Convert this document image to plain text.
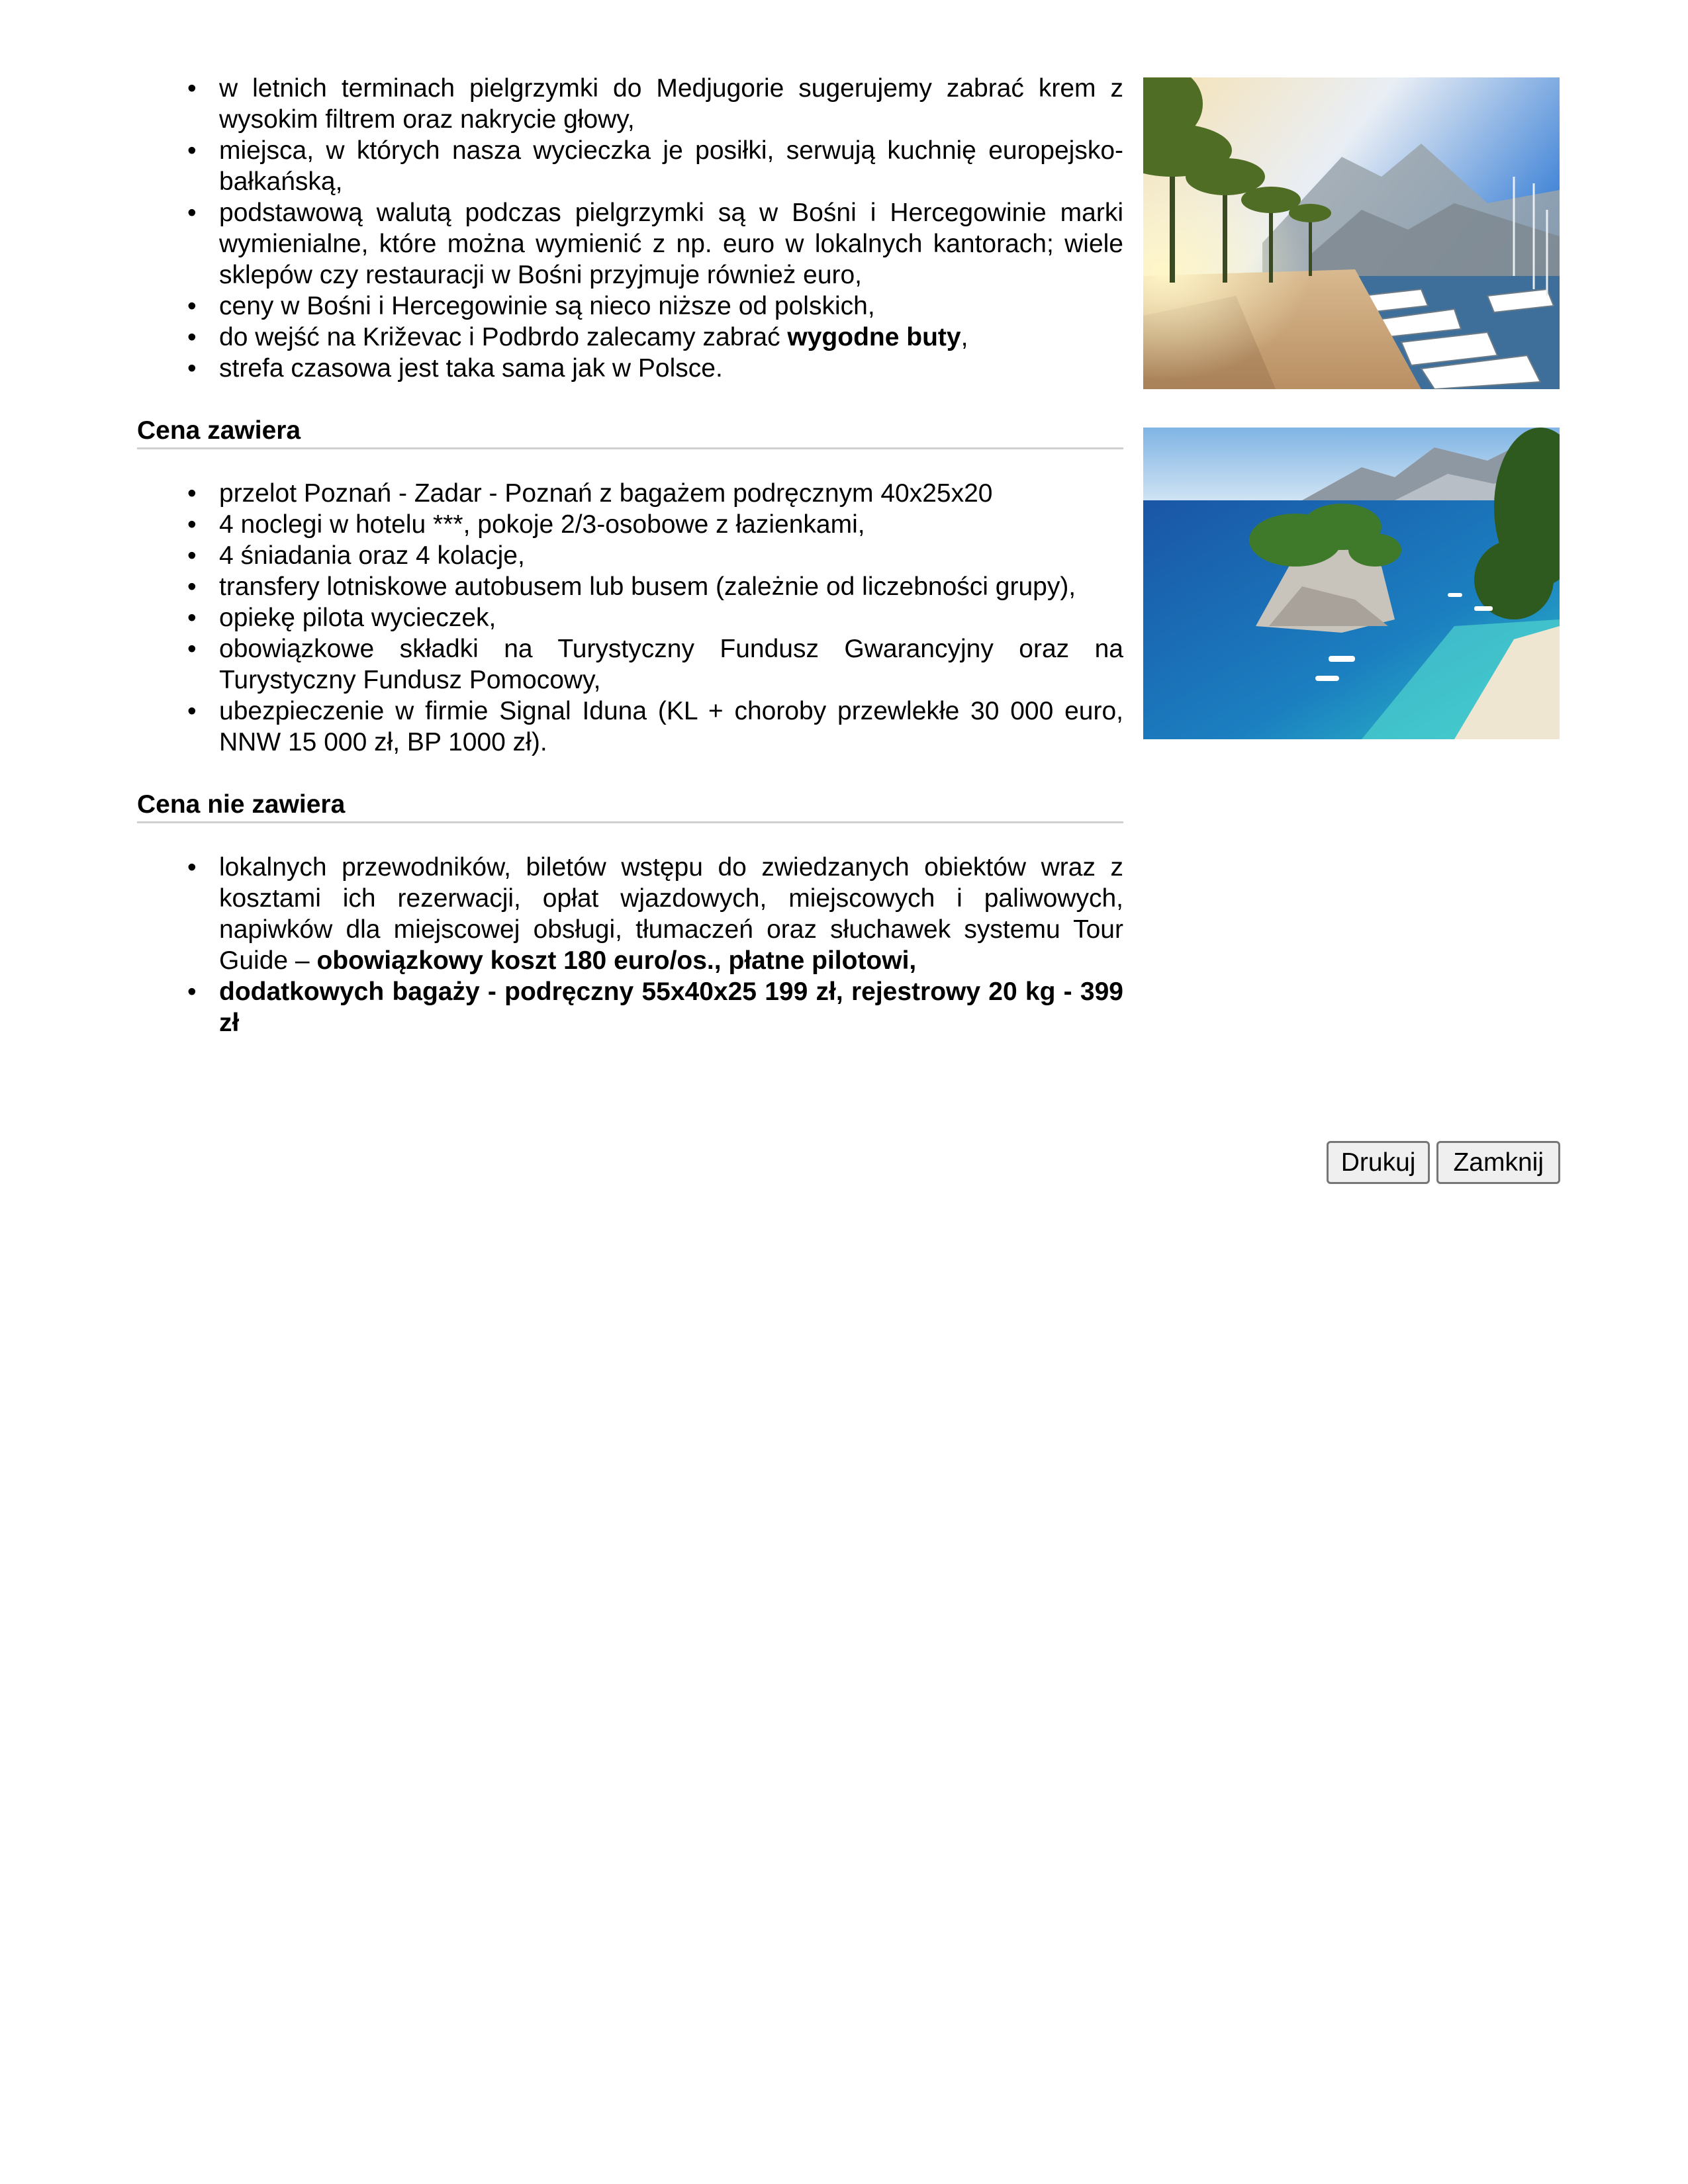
• w letnich terminach pielgrzymki do Medjugorie sugerujemy zabrać krem z wysokim filtrem oraz nakrycie głowy,
• miejsca, w których nasza wycieczka je posiłki, serwują kuchnię europejsko-bałkańską,
• podstawową walutą podczas pielgrzymki są w Bośni i Hercegowinie marki wymienialne, które można wymienić z np. euro w lokalnych kantorach; wiele sklepów czy restauracji w Bośni przyjmuje również euro,
• ceny w Bośni i Hercegowinie są nieco niższe od polskich,
• do wejść na Križevac i Podbrdo zalecamy zabrać wygodne buty,
• strefa czasowa jest taka sama jak w Polsce.
Cena zawiera
• przelot Poznań - Zadar - Poznań z bagażem podręcznym 40x25x20
• 4 noclegi w hotelu ***, pokoje 2/3-osobowe z łazienkami,
• 4 śniadania oraz 4 kolacje,
• transfery lotniskowe autobusem lub busem (zależnie od liczebności grupy),
• opiekę pilota wycieczek,
• obowiązkowe składki na Turystyczny Fundusz Gwarancyjny oraz na Turystyczny Fundusz Pomocowy,
• ubezpieczenie w firmie Signal Iduna (KL + choroby przewlekłe 30 000 euro, NNW 15 000 zł, BP 1000 zł).
Cena nie zawiera
• lokalnych przewodników, biletów wstępu do zwiedzanych obiektów wraz z kosztami ich rezerwacji, opłat wjazdowych, miejscowych i paliwowych, napiwków dla miejscowej obsługi, tłumaczeń oraz słuchawek systemu Tour Guide – obowiązkowy koszt 180 euro/os., płatne pilotowi,
• dodatkowych bagaży - podręczny 55x40x25 199 zł, rejestrowy 20 kg - 399 zł
Drukuj	Zamknij
